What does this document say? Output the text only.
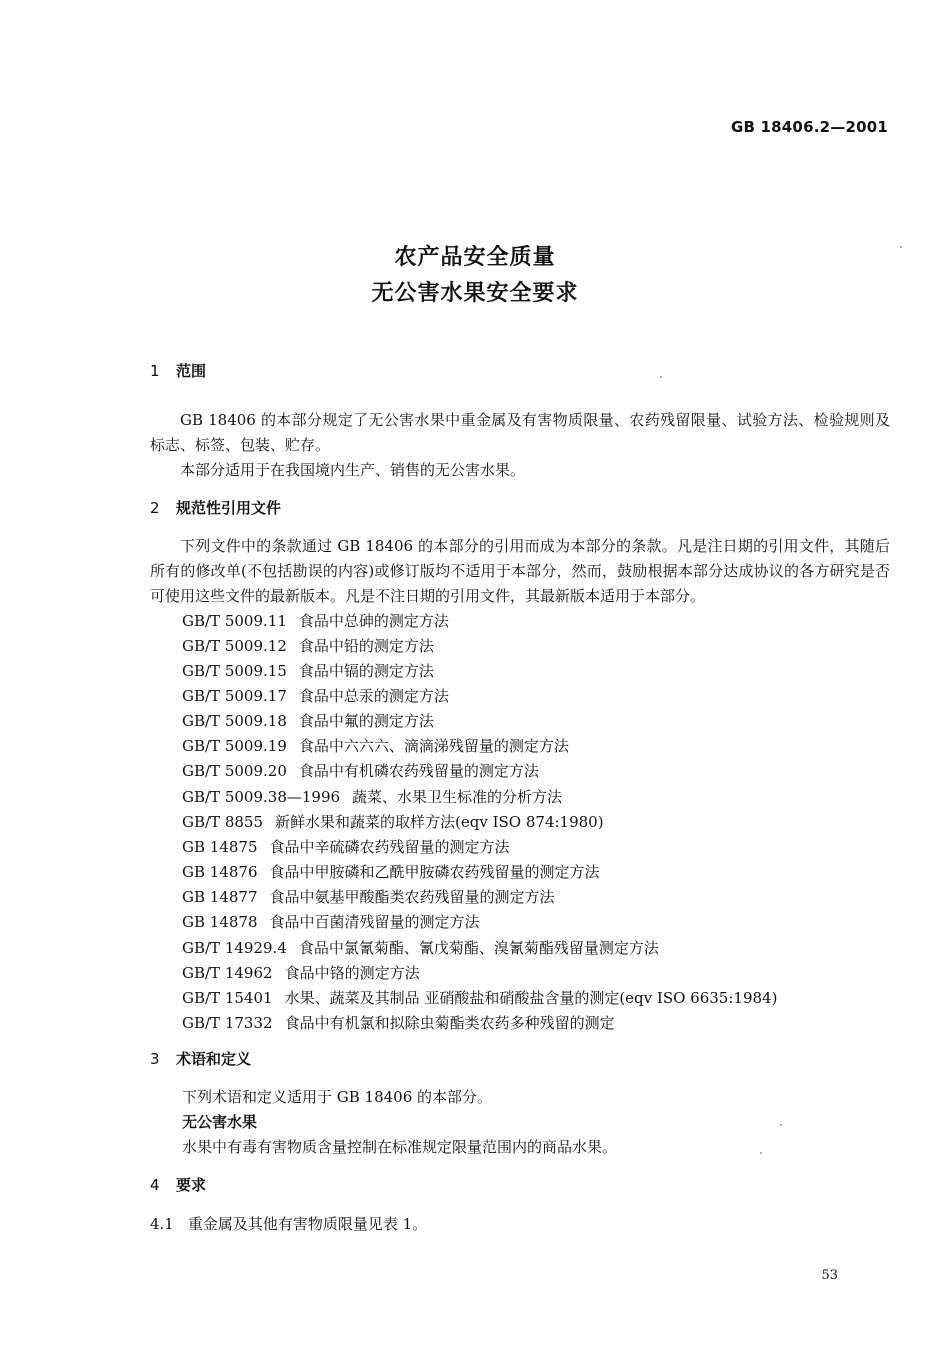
GB 18406.2—2001
农产品安全质量
无公害水果安全要求
1 范围
GB 18406 的本部分规定了无公害水果中重金属及有害物质限量、农药残留限量、试验方法、检验规则及标志、标签、包装、贮存。
本部分适用于在我国境内生产、销售的无公害水果。
2 规范性引用文件
下列文件中的条款通过 GB 18406 的本部分的引用而成为本部分的条款。凡是注日期的引用文件，其随后所有的修改单(不包括勘误的内容)或修订版均不适用于本部分，然而，鼓励根据本部分达成协议的各方研究是否可使用这些文件的最新版本。凡是不注日期的引用文件，其最新版本适用于本部分。
GB/T 5009.11 食品中总砷的测定方法
GB/T 5009.12 食品中铅的测定方法
GB/T 5009.15 食品中镉的测定方法
GB/T 5009.17 食品中总汞的测定方法
GB/T 5009.18 食品中氟的测定方法
GB/T 5009.19 食品中六六六、滴滴涕残留量的测定方法
GB/T 5009.20 食品中有机磷农药残留量的测定方法
GB/T 5009.38—1996 蔬菜、水果卫生标准的分析方法
GB/T 8855 新鲜水果和蔬菜的取样方法(eqv ISO 874:1980)
GB 14875 食品中辛硫磷农药残留量的测定方法
GB 14876 食品中甲胺磷和乙酰甲胺磷农药残留量的测定方法
GB 14877 食品中氨基甲酸酯类农药残留量的测定方法
GB 14878 食品中百菌清残留量的测定方法
GB/T 14929.4 食品中氯氰菊酯、氰戊菊酯、溴氰菊酯残留量测定方法
GB/T 14962 食品中铬的测定方法
GB/T 15401 水果、蔬菜及其制品 亚硝酸盐和硝酸盐含量的测定(eqv ISO 6635:1984)
GB/T 17332 食品中有机氯和拟除虫菊酯类农药多种残留的测定
3 术语和定义
下列术语和定义适用于 GB 18406 的本部分。
无公害水果
水果中有毒有害物质含量控制在标准规定限量范围内的商品水果。
4 要求
4.1 重金属及其他有害物质限量见表 1。
53
